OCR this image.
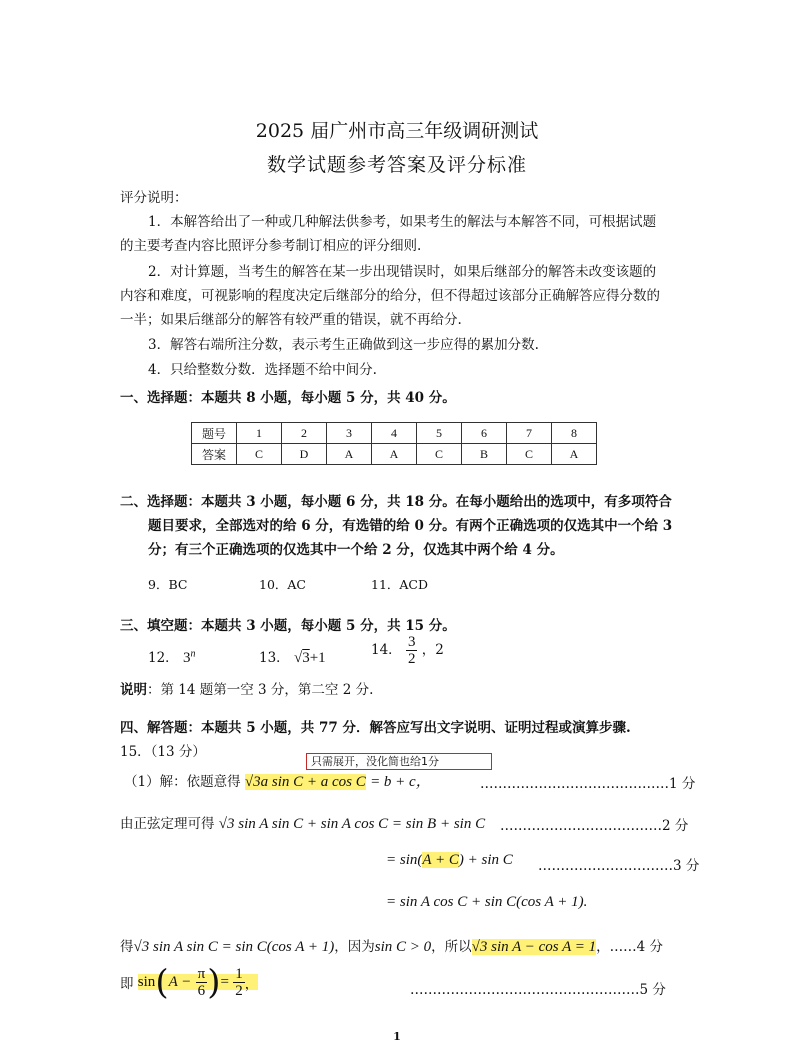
2025 届广州市高三年级调研测试
数学试题参考答案及评分标准
评分说明：
1．本解答给出了一种或几种解法供参考，如果考生的解法与本解答不同，可根据试题
的主要考查内容比照评分参考制订相应的评分细则.
2．对计算题，当考生的解答在某一步出现错误时，如果后继部分的解答未改变该题的
内容和难度，可视影响的程度决定后继部分的给分，但不得超过该部分正确解答应得分数的
一半；如果后继部分的解答有较严重的错误，就不再给分.
3．解答右端所注分数，表示考生正确做到这一步应得的累加分数.
4．只给整数分数．选择题不给中间分.
一、选择题：本题共 8 小题，每小题 5 分，共 40 分。
题号	1	2	3	4	5	6	7	8
答案	C	D	A	A	C	B	C	A
二、选择题：本题共 3 小题，每小题 6 分，共 18 分。在每小题给出的选项中，有多项符合
题目要求，全部选对的给 6 分，有选错的给 0 分。有两个正确选项的仅选其中一个给 3
分；有三个正确选项的仅选其中一个给 2 分，仅选其中两个给 4 分。
9．BC	10．AC	11．ACD
三、填空题：本题共 3 小题，每小题 5 分，共 15 分。
12． 3$^n$	13． √3+1	14． $\frac{3}{2}$ ，2
说明：第 14 题第一空 3 分，第二空 2 分.
四、解答题：本题共 5 小题，共 77 分．解答应写出文字说明、证明过程或演算步骤.
15．（13 分）
只需展开，没化简也给1分
（1）解：依题意得 √3a sin C + a cos C = b + c，	……………………………………1 分
由正弦定理可得 √3 sin A sin C + sin A cos C = sin B + sin C ………………………………2 分
= sin(A + C) + sin C …………………………3 分
= sin A cos C + sin C(cos A + 1).
得√3 sin A sin C = sin C(cos A + 1)，因为sin C > 0，所以√3 sin A − cos A = 1，……4 分
即 $\sin(A - \frac{\pi}{6}$ )= $\frac{1}{2}$ ，	……………………………………………5 分
1
